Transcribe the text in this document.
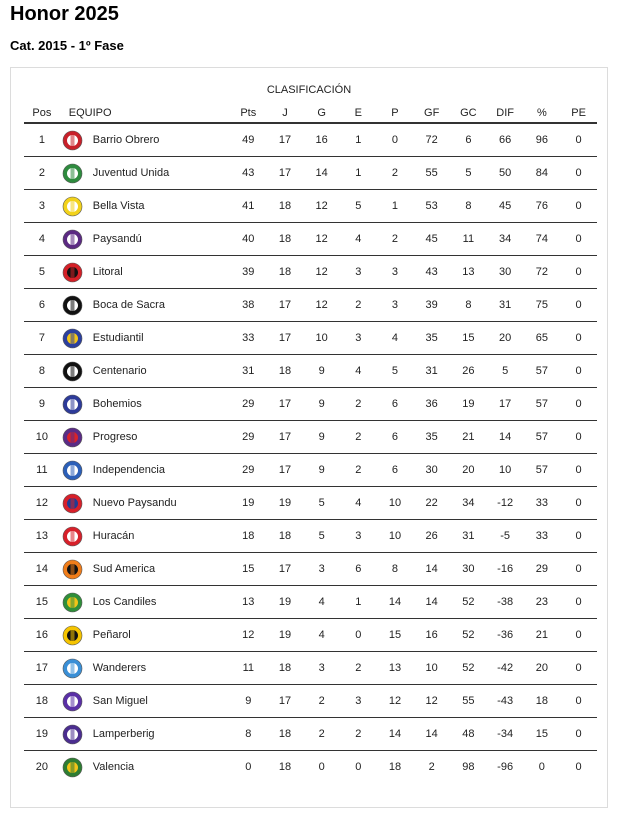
Honor 2025
Cat. 2015 - 1º Fase
CLASIFICACIÓN
Pos	EQUIPO	Pts	J	G	E	P	GF	GC	DIF	%	PE
1	Barrio Obrero	49	17	16	1	0	72	6	66	96	0
2	Juventud Unida	43	17	14	1	2	55	5	50	84	0
3	Bella Vista	41	18	12	5	1	53	8	45	76	0
4	Paysandú	40	18	12	4	2	45	11	34	74	0
5	Litoral	39	18	12	3	3	43	13	30	72	0
6	Boca de Sacra	38	17	12	2	3	39	8	31	75	0
7	Estudiantil	33	17	10	3	4	35	15	20	65	0
8	Centenario	31	18	9	4	5	31	26	5	57	0
9	Bohemios	29	17	9	2	6	36	19	17	57	0
10	Progreso	29	17	9	2	6	35	21	14	57	0
11	Independencia	29	17	9	2	6	30	20	10	57	0
12	Nuevo Paysandu	19	19	5	4	10	22	34	-12	33	0
13	Huracán	18	18	5	3	10	26	31	-5	33	0
14	Sud America	15	17	3	6	8	14	30	-16	29	0
15	Los Candiles	13	19	4	1	14	14	52	-38	23	0
16	Peñarol	12	19	4	0	15	16	52	-36	21	0
17	Wanderers	11	18	3	2	13	10	52	-42	20	0
18	San Miguel	9	17	2	3	12	12	55	-43	18	0
19	Lamperberig	8	18	2	2	14	14	48	-34	15	0
20	Valencia	0	18	0	0	18	2	98	-96	0	0
